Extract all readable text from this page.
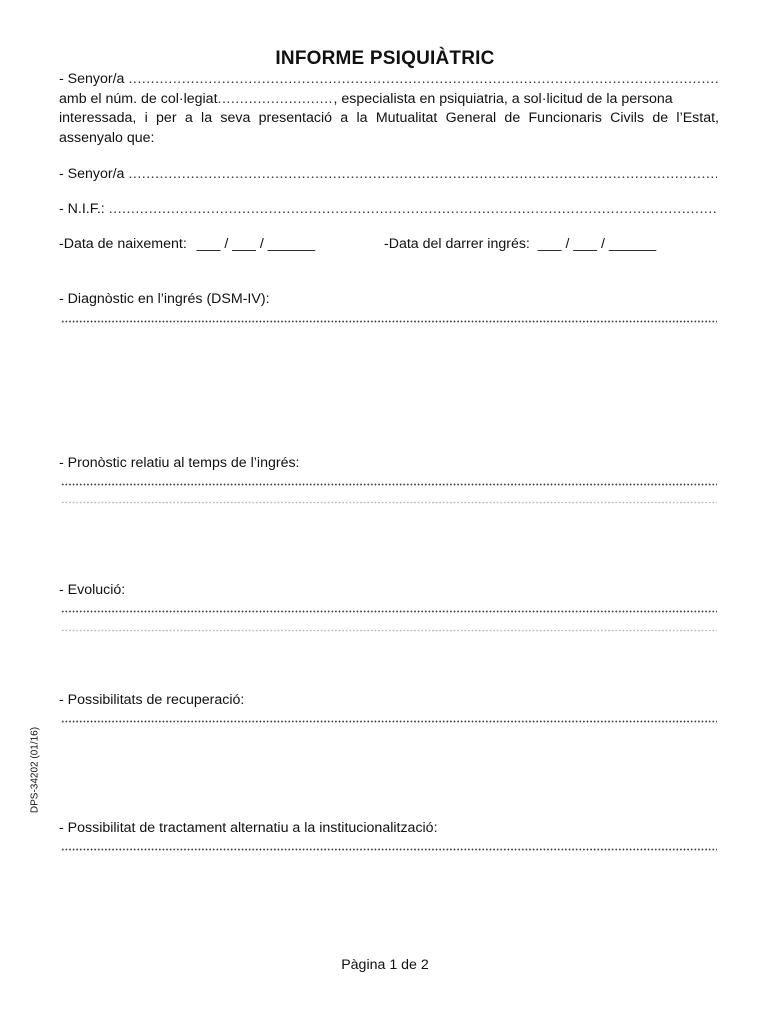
INFORME PSIQUIÀTRIC
- Senyor/a
.....
amb el núm. de col·legiat
.....	, especialista en psiquiatria, a sol·licitud de la persona
interessada, i per a la seva presentació a la Mutualitat General de Funcionaris Civils de l’Estat,
assenyalo que:
- Senyor/a
.....
- N.I.F.:
.....
-Data de naixement: ___ / ___ / ______	-Data del darrer ingrés: ___ / ___ / ______
- Diagnòstic en l’ingrés (DSM-IV):
- Pronòstic relatiu al temps de l’ingrés:
- Evolució:
- Possibilitats de recuperació:
DPS-34202 (01/16)
- Possibilitat de tractament alternatiu a la institucionalització:
Pàgina 1 de 2
